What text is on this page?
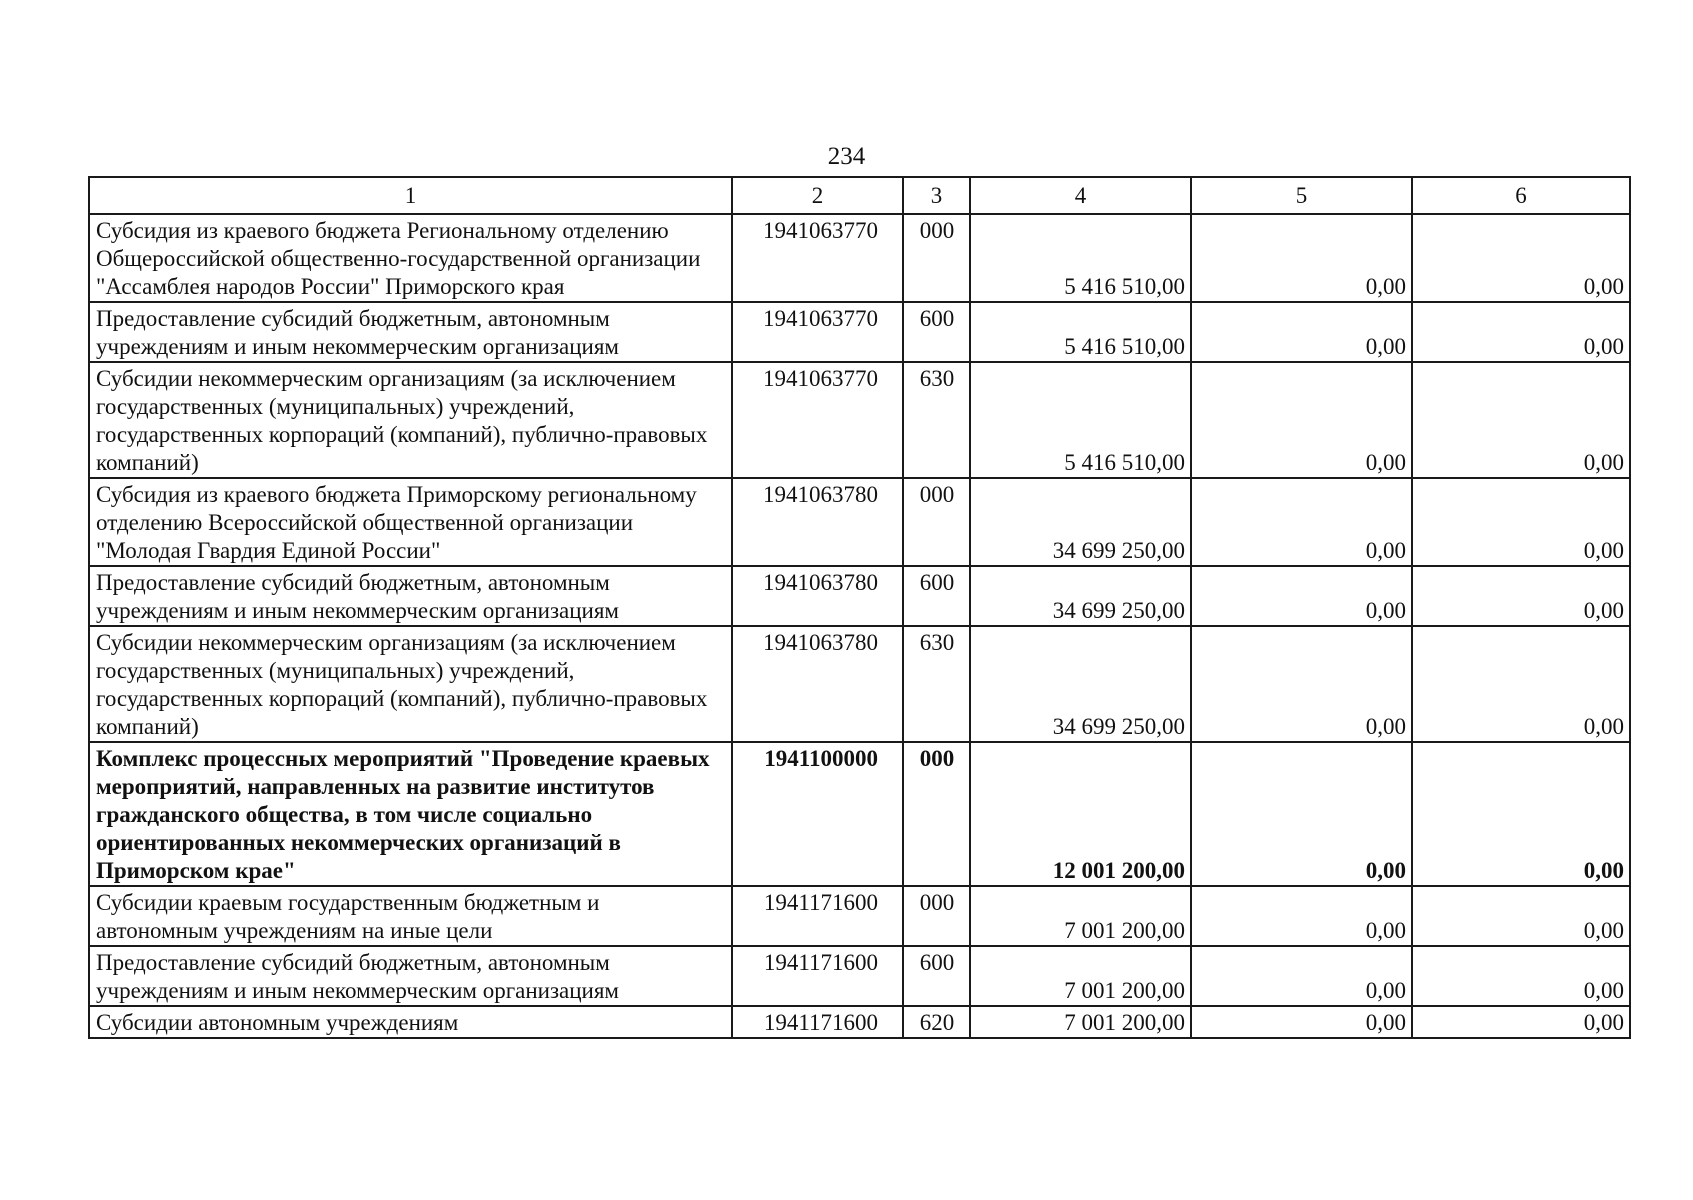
234
1	2	3	4	5	6
Субсидия из краевого бюджета Региональному отделению Общероссийской общественно-государственной организации "Ассамблея народов России" Приморского края	1941063770	000	5 416 510,00	0,00	0,00
Предоставление субсидий бюджетным, автономным учреждениям и иным некоммерческим организациям	1941063770	600	5 416 510,00	0,00	0,00
Субсидии некоммерческим организациям (за исключением государственных (муниципальных) учреждений, государственных корпораций (компаний), публично-правовых компаний)	1941063770	630	5 416 510,00	0,00	0,00
Субсидия из краевого бюджета Приморскому региональному отделению Всероссийской общественной организации "Молодая Гвардия Единой России"	1941063780	000	34 699 250,00	0,00	0,00
Предоставление субсидий бюджетным, автономным учреждениям и иным некоммерческим организациям	1941063780	600	34 699 250,00	0,00	0,00
Субсидии некоммерческим организациям (за исключением государственных (муниципальных) учреждений, государственных корпораций (компаний), публично-правовых компаний)	1941063780	630	34 699 250,00	0,00	0,00
Комплекс процессных мероприятий "Проведение краевых мероприятий, направленных на развитие институтов гражданского общества, в том числе социально ориентированных некоммерческих организаций в Приморском крае"	1941100000	000	12 001 200,00	0,00	0,00
Субсидии краевым государственным бюджетным и автономным учреждениям на иные цели	1941171600	000	7 001 200,00	0,00	0,00
Предоставление субсидий бюджетным, автономным учреждениям и иным некоммерческим организациям	1941171600	600	7 001 200,00	0,00	0,00
Субсидии автономным учреждениям	1941171600	620	7 001 200,00	0,00	0,00
